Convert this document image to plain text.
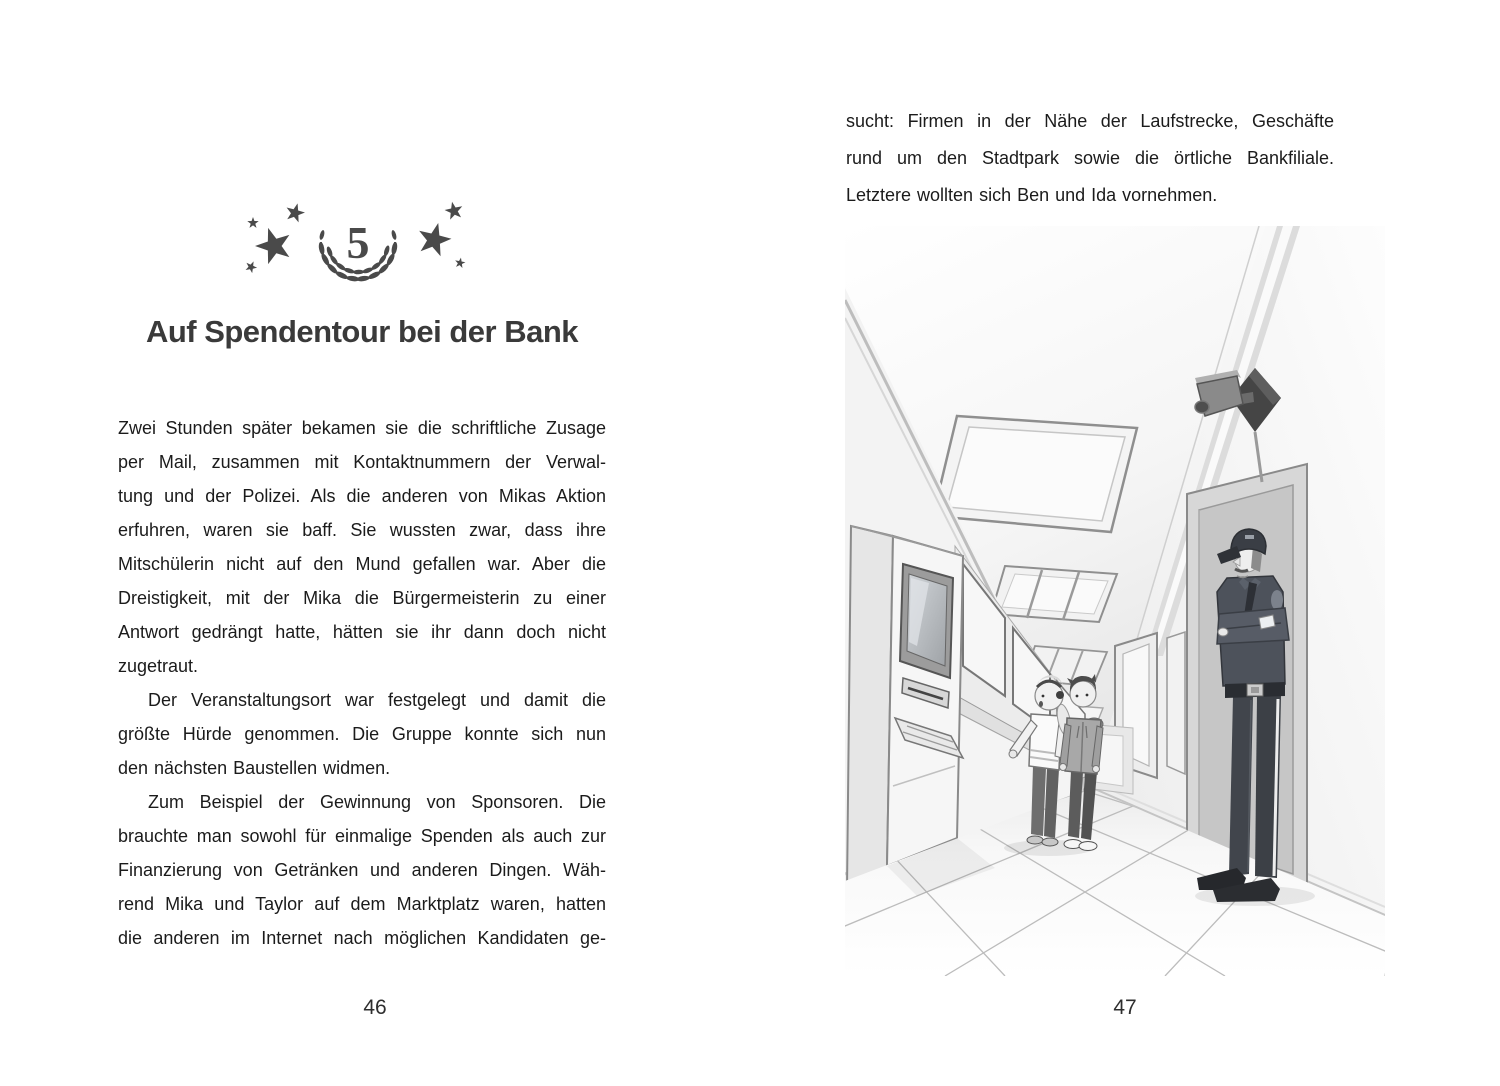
5
Auf Spendentour bei der Bank
Zwei Stunden später bekamen sie die schriftliche Zusage
per Mail, zusammen mit Kontaktnummern der Verwal-
tung und der Polizei. Als die anderen von Mikas Aktion
erfuhren, waren sie baff. Sie wussten zwar, dass ihre
Mitschülerin nicht auf den Mund gefallen war. Aber die
Dreistigkeit, mit der Mika die Bürgermeisterin zu einer
Antwort gedrängt hatte, hätten sie ihr dann doch nicht
zugetraut.
Der Veranstaltungsort war festgelegt und damit die
größte Hürde genommen. Die Gruppe konnte sich nun
den nächsten Baustellen widmen.
Zum Beispiel der Gewinnung von Sponsoren. Die
brauchte man sowohl für einmalige Spenden als auch zur
Finanzierung von Getränken und anderen Dingen. Wäh-
rend Mika und Taylor auf dem Marktplatz waren, hatten
die anderen im Internet nach möglichen Kandidaten ge-
46
sucht: Firmen in der Nähe der Laufstrecke, Geschäfte
rund um den Stadtpark sowie die örtliche Bankfiliale.
Letztere wollten sich Ben und Ida vornehmen.
47
